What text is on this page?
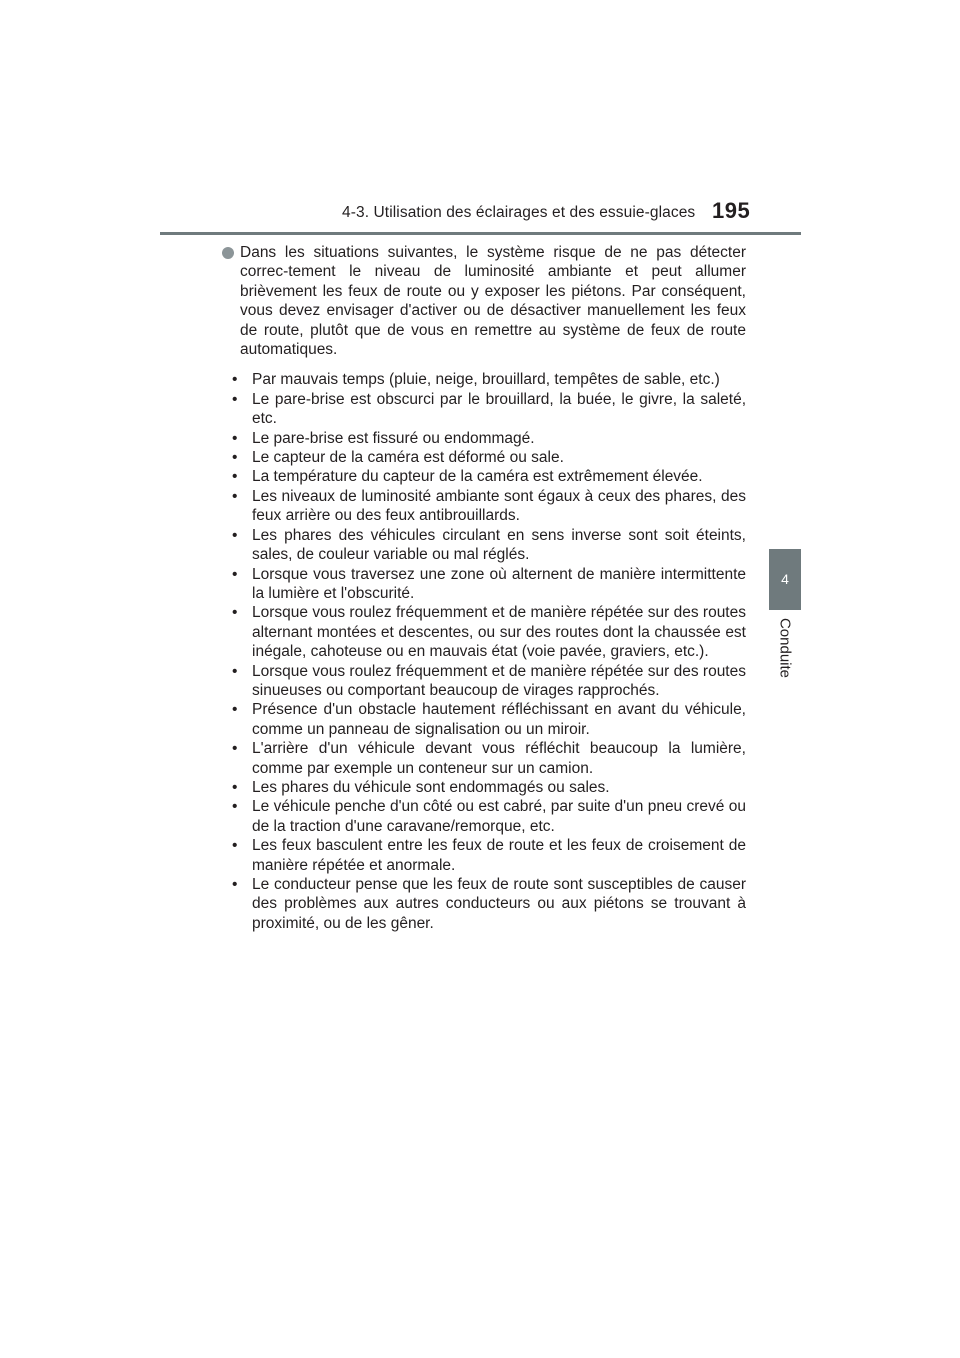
4-3. Utilisation des éclairages et des essuie-glaces 195
4
Conduite

Dans les situations suivantes, le système risque de ne pas détecter correc-tement le niveau de luminosité ambiante et peut allumer brièvement les feux de route ou y exposer les piétons. Par conséquent, vous devez envisager d'activer ou de désactiver manuellement les feux de route, plutôt que de vous en remettre au système de feux de route automatiques.

• Par mauvais temps (pluie, neige, brouillard, tempêtes de sable, etc.)
• Le pare-brise est obscurci par le brouillard, la buée, le givre, la saleté, etc.
• Le pare-brise est fissuré ou endommagé.
• Le capteur de la caméra est déformé ou sale.
• La température du capteur de la caméra est extrêmement élevée.
• Les niveaux de luminosité ambiante sont égaux à ceux des phares, des feux arrière ou des feux antibrouillards.
• Les phares des véhicules circulant en sens inverse sont soit éteints, sales, de couleur variable ou mal réglés.
• Lorsque vous traversez une zone où alternent de manière intermittente la lumière et l'obscurité.
• Lorsque vous roulez fréquemment et de manière répétée sur des routes alternant montées et descentes, ou sur des routes dont la chaussée est inégale, cahoteuse ou en mauvais état (voie pavée, graviers, etc.).
• Lorsque vous roulez fréquemment et de manière répétée sur des routes sinueuses ou comportant beaucoup de virages rapprochés.
• Présence d'un obstacle hautement réfléchissant en avant du véhicule, comme un panneau de signalisation ou un miroir.
• L'arrière d'un véhicule devant vous réfléchit beaucoup la lumière, comme par exemple un conteneur sur un camion.
• Les phares du véhicule sont endommagés ou sales.
• Le véhicule penche d'un côté ou est cabré, par suite d'un pneu crevé ou de la traction d'une caravane/remorque, etc.
• Les feux basculent entre les feux de route et les feux de croisement de manière répétée et anormale.
• Le conducteur pense que les feux de route sont susceptibles de causer des problèmes aux autres conducteurs ou aux piétons se trouvant à proximité, ou de les gêner.
